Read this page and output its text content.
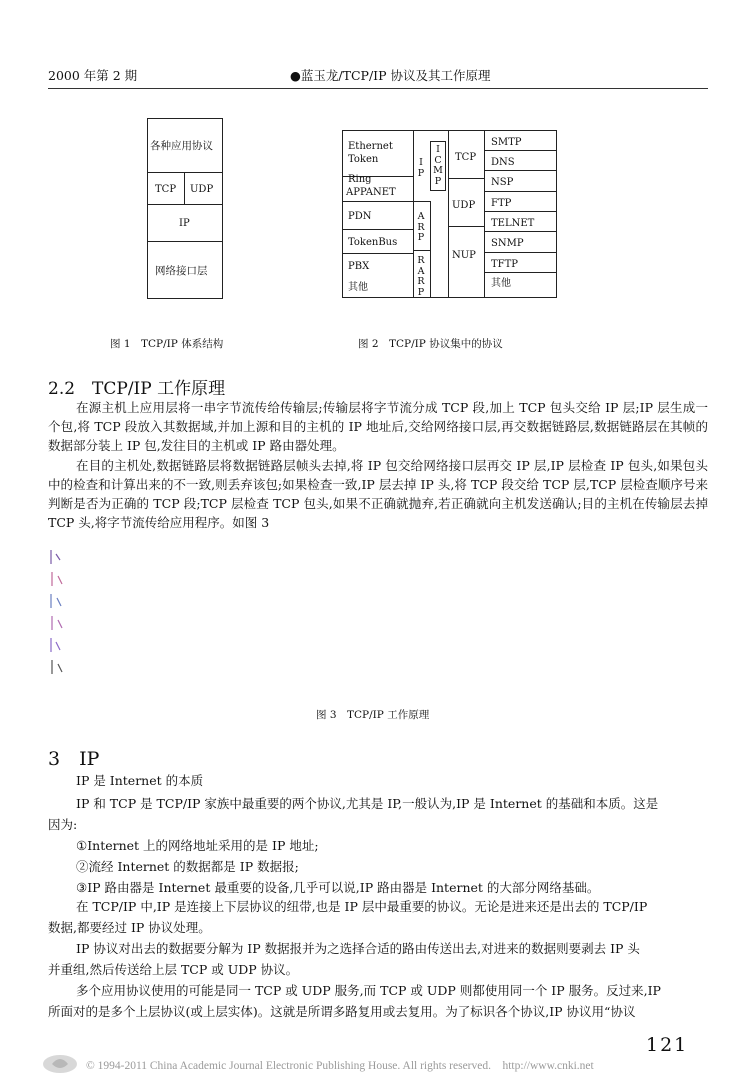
2000 年第 2 期	●蓝玉龙/TCP/IP 协议及其工作原理
各种应用协议
TCP UDP
IP
网络接口层
图 1　TCP/IP 体系结构
Ethernet
Token
Ring
APPANET
PDN
TokenBus
PBX
其他
IP
ICMP
ARP
RARP
TCP
UDP
NUP
SMTP
DNS
NSP
FTP
TELNET
SNMP
TFTP
其他
图 2　TCP/IP 协议集中的协议
2.2　TCP/IP 工作原理

在源主机上应用层将一串字节流传给传输层;传输层将字节流分成 TCP 段,加上 TCP 包头交给 IP 层;IP 层生成一个包,将 TCP 段放入其数据域,并加上源和目的主机的 IP 地址后,交给网络接口层,再交数据链路层,数据链路层在其帧的数据部分装上 IP 包,发往目的主机或 IP 路由器处理。

在目的主机处,数据链路层将数据链路层帧头去掉,将 IP 包交给网络接口层再交 IP 层,IP 层检查 IP 包头,如果包头中的检查和计算出来的不一致,则丢弃该包;如果检查一致,IP 层去掉 IP 头,将 TCP 段交给 TCP 层,TCP 层检查顺序号来判断是否为正确的 TCP 段;TCP 层检查 TCP 包头,如果不正确就抛弃,若正确就向主机发送确认;目的主机在传输层去掉 TCP 头,将字节流传给应用程序。如图 3

图 3　TCP/IP 工作原理
3　IP
IP 是 Internet 的本质
IP 和 TCP 是 TCP/IP 家族中最重要的两个协议,尤其是 IP,一般认为,IP 是 Internet 的基础和本质。这是
因为:
①Internet 上的网络地址采用的是 IP 地址;
②流经 Internet 的数据都是 IP 数据报;
③IP 路由器是 Internet 最重要的设备,几乎可以说,IP 路由器是 Internet 的大部分网络基础。
在 TCP/IP 中,IP 是连接上下层协议的纽带,也是 IP 层中最重要的协议。无论是进来还是出去的 TCP/IP
数据,都要经过 IP 协议处理。
IP 协议对出去的数据要分解为 IP 数据报并为之选择合适的路由传送出去,对进来的数据则要剥去 IP 头
并重组,然后传送给上层 TCP 或 UDP 协议。
多个应用协议使用的可能是同一 TCP 或 UDP 服务,而 TCP 或 UDP 则都使用同一个 IP 服务。反过来,IP
所面对的是多个上层协议(或上层实体)。这就是所谓多路复用或去复用。为了标识各个协议,IP 协议用“协议
121
© 1994-2011 China Academic Journal Electronic Publishing House. All rights reserved.　http://www.cnki.net
